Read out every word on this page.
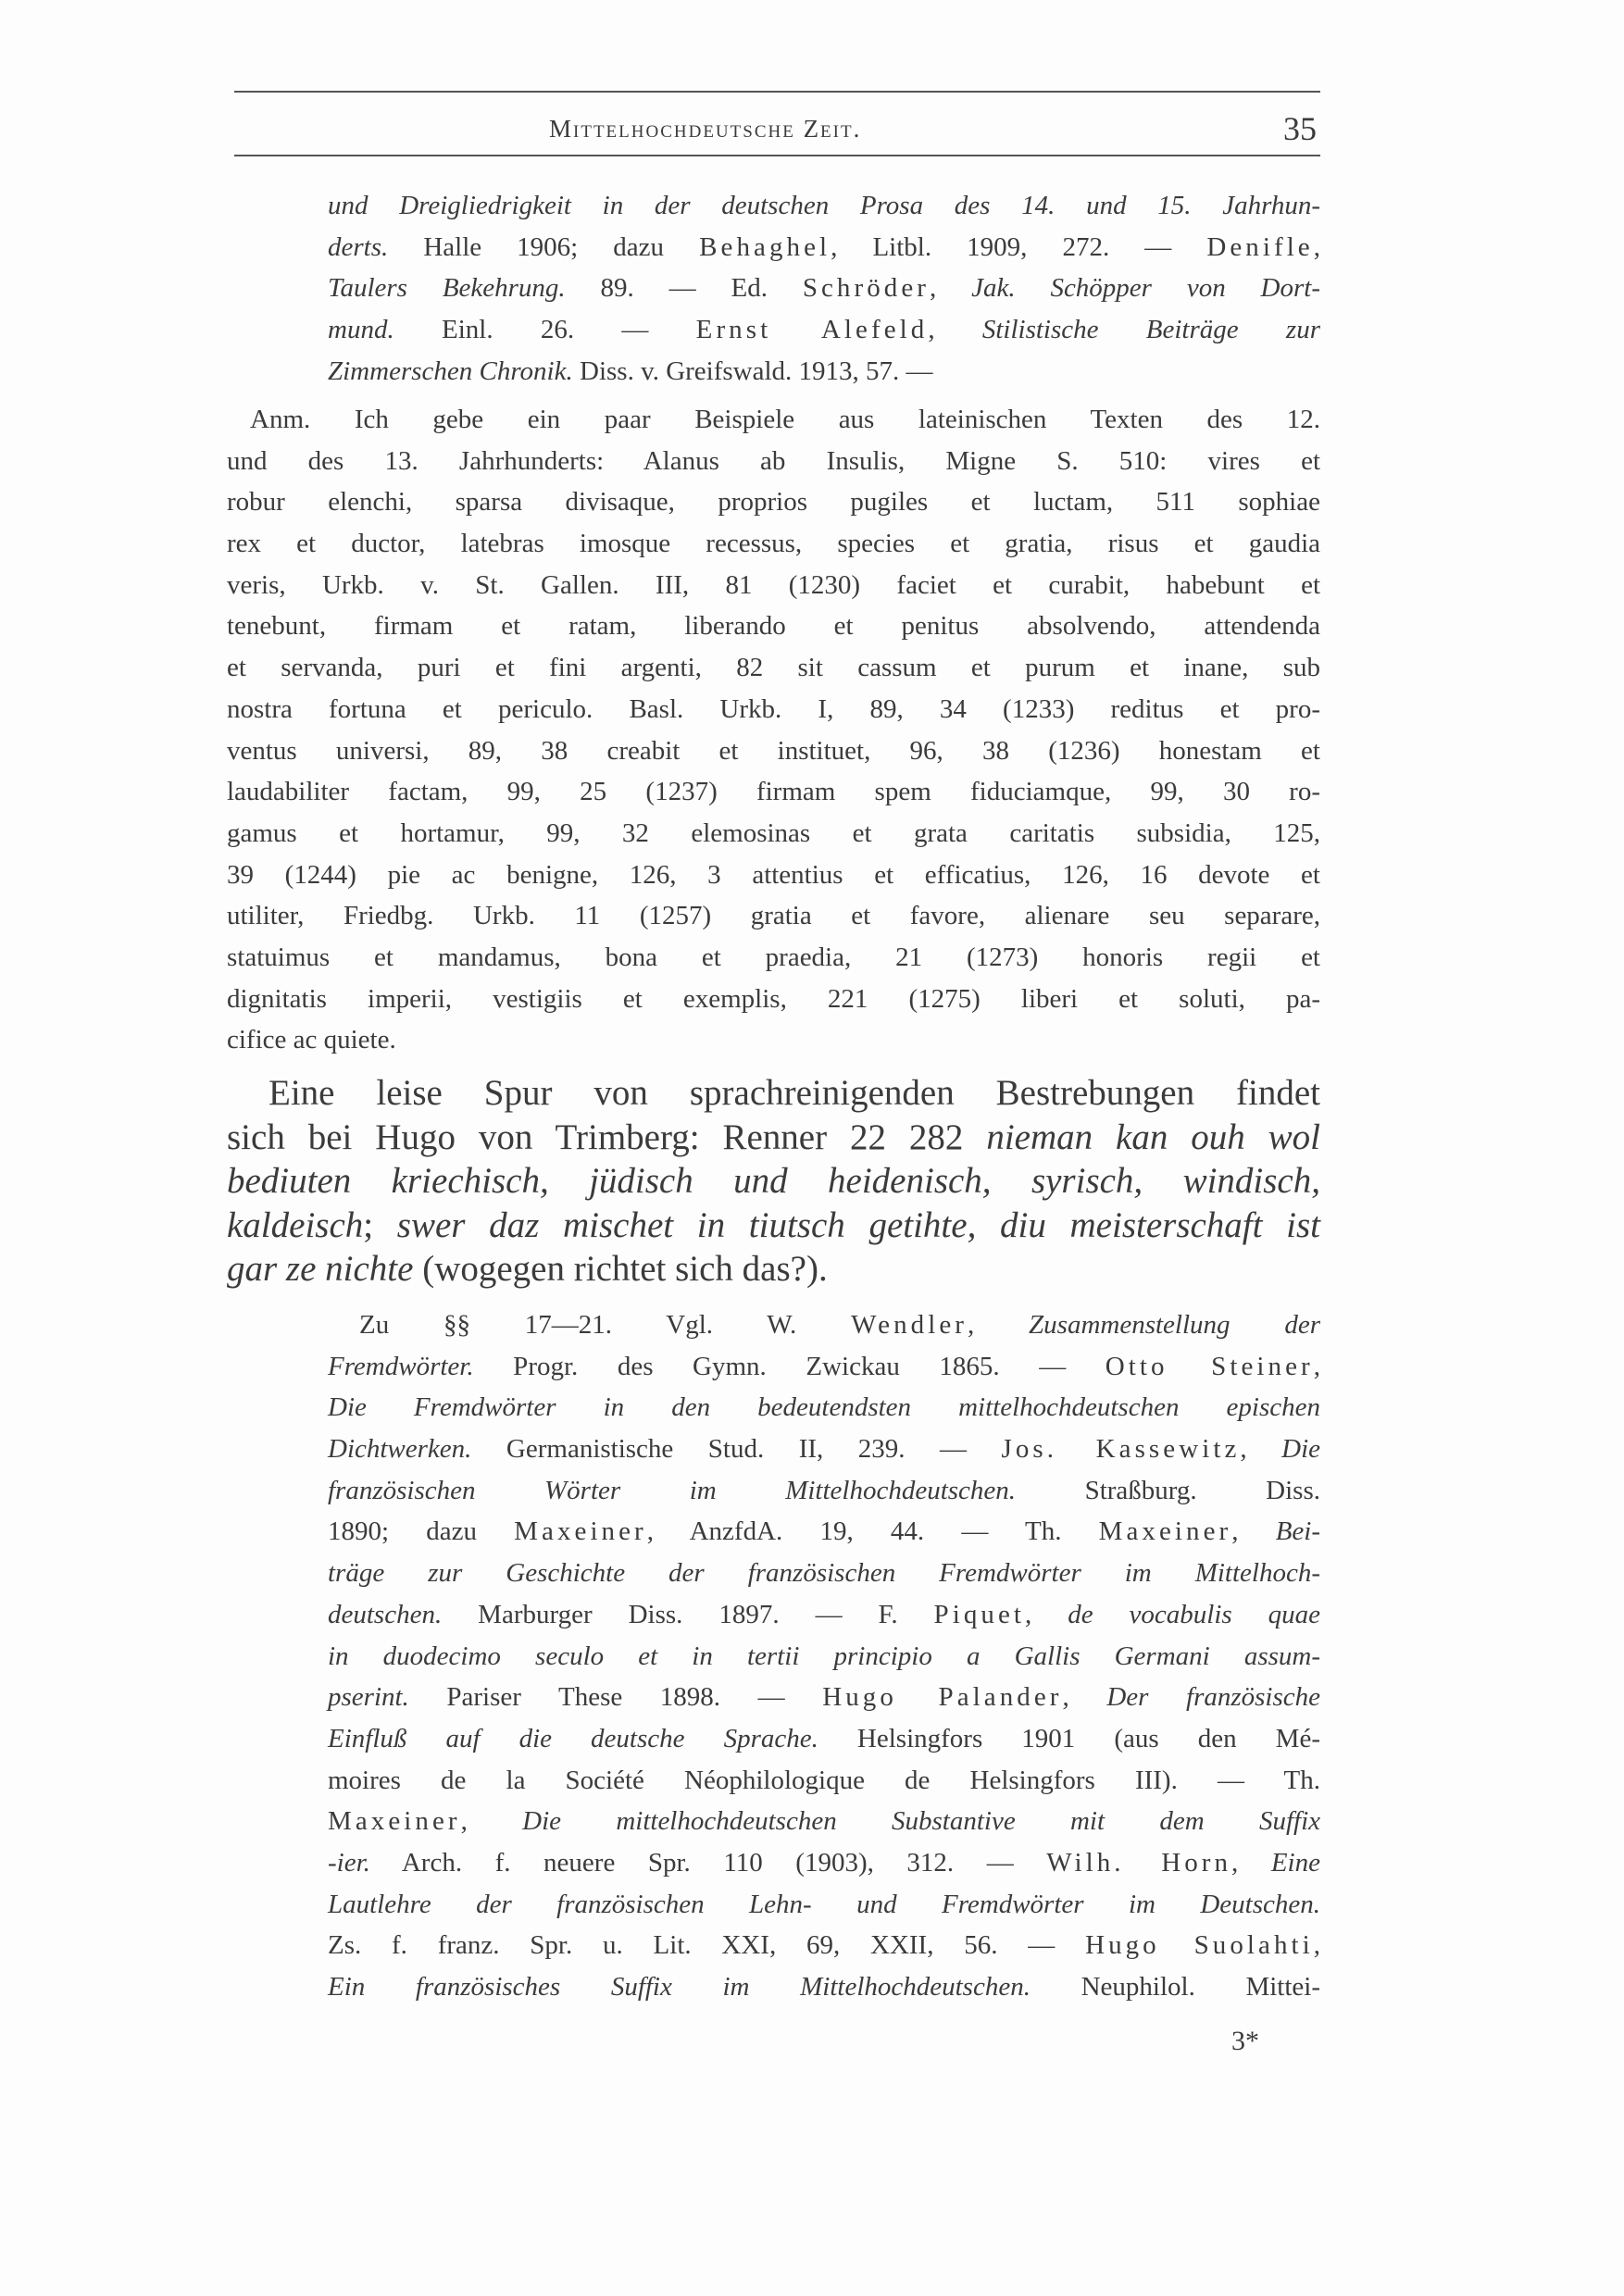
Mittelhochdeutsche Zeit.	35
und Dreigliedrigkeit in der deutschen Prosa des 14. und 15. Jahrhun-
derts. Halle 1906; dazu Behaghel, Litbl. 1909, 272. — Denifle,
Taulers Bekehrung. 89. — Ed. Schröder, Jak. Schöpper von Dort-
mund. Einl. 26. — Ernst Alefeld, Stilistische Beiträge zur
Zimmerschen Chronik. Diss. v. Greifswald. 1913, 57. —
Anm. Ich gebe ein paar Beispiele aus lateinischen Texten des 12.
und des 13. Jahrhunderts: Alanus ab Insulis, Migne S. 510: vires et
robur elenchi, sparsa divisaque, proprios pugiles et luctam, 511 sophiae
rex et ductor, latebras imosque recessus, species et gratia, risus et gaudia
veris, Urkb. v. St. Gallen. III, 81 (1230) faciet et curabit, habebunt et
tenebunt, firmam et ratam, liberando et penitus absolvendo, attendenda
et servanda, puri et fini argenti, 82 sit cassum et purum et inane, sub
nostra fortuna et periculo. Basl. Urkb. I, 89, 34 (1233) reditus et pro-
ventus universi, 89, 38 creabit et instituet, 96, 38 (1236) honestam et
laudabiliter factam, 99, 25 (1237) firmam spem fiduciamque, 99, 30 ro-
gamus et hortamur, 99, 32 elemosinas et grata caritatis subsidia, 125,
39 (1244) pie ac benigne, 126, 3 attentius et efficatius, 126, 16 devote et
utiliter, Friedbg. Urkb. 11 (1257) gratia et favore, alienare seu separare,
statuimus et mandamus, bona et praedia, 21 (1273) honoris regii et
dignitatis imperii, vestigiis et exemplis, 221 (1275) liberi et soluti, pa-
cifice ac quiete.
Eine leise Spur von sprachreinigenden Bestrebungen findet
sich bei Hugo von Trimberg: Renner 22 282 nieman kan ouh wol
bediuten kriechisch, jüdisch und heidenisch, syrisch, windisch,
kaldeisch; swer daz mischet in tiutsch getihte, diu meisterschaft ist
gar ze nichte (wogegen richtet sich das?).
Zu §§ 17—21. Vgl. W. Wendler, Zusammenstellung der
Fremdwörter. Progr. des Gymn. Zwickau 1865. — Otto Steiner,
Die Fremdwörter in den bedeutendsten mittelhochdeutschen epischen
Dichtwerken. Germanistische Stud. II, 239. — Jos. Kassewitz, Die
französischen Wörter im Mittelhochdeutschen. Straßburg. Diss.
1890; dazu Maxeiner, AnzfdA. 19, 44. — Th. Maxeiner, Bei-
träge zur Geschichte der französischen Fremdwörter im Mittelhoch-
deutschen. Marburger Diss. 1897. — F. Piquet, de vocabulis quae
in duodecimo seculo et in tertii principio a Gallis Germani assum-
pserint. Pariser These 1898. — Hugo Palander, Der französische
Einfluß auf die deutsche Sprache. Helsingfors 1901 (aus den Mé-
moires de la Société Néophilologique de Helsingfors III). — Th.
Maxeiner, Die mittelhochdeutschen Substantive mit dem Suffix
-ier. Arch. f. neuere Spr. 110 (1903), 312. — Wilh. Horn, Eine
Lautlehre der französischen Lehn- und Fremdwörter im Deutschen.
Zs. f. franz. Spr. u. Lit. XXI, 69, XXII, 56. — Hugo Suolahti,
Ein französisches Suffix im Mittelhochdeutschen. Neuphilol. Mittei-
3*
